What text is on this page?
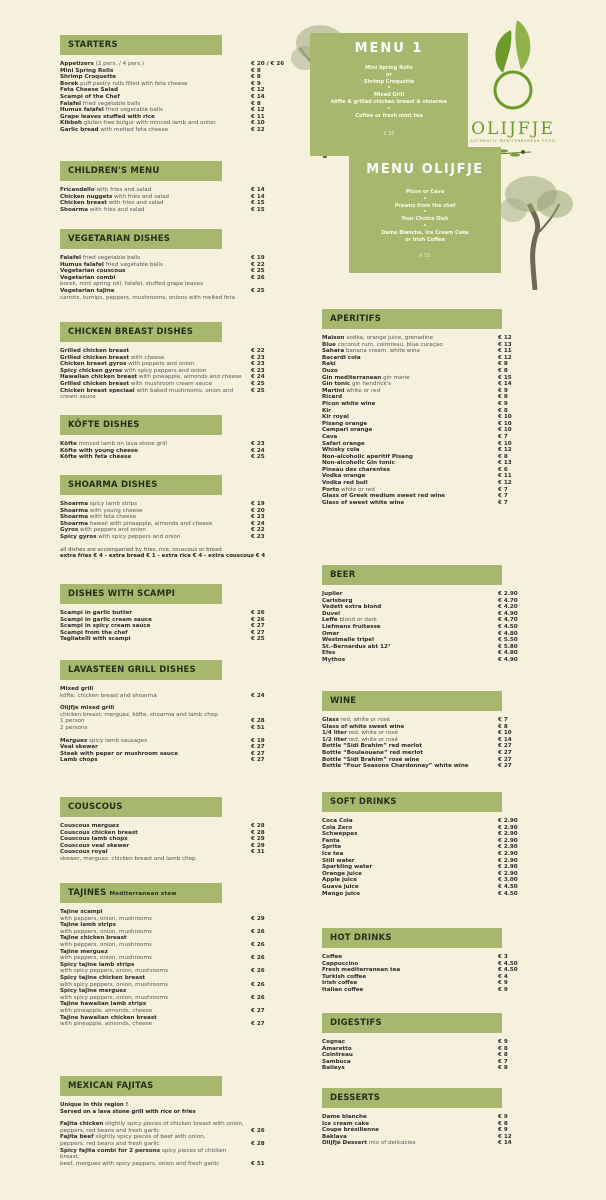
OLIJFJE
AUTHENTIC MEDITERRANEAN FOOD
MENU 1
Mini Spring Rolls
or
Shrimp Croquette
•
Mixed Grill
köfte & grilled chicken breast & shoarma
•
Coffee or fresh mint tea
€ 35
MENU OLIJFJE
Picon or Cava
•
Prawns from the chef
•
Your Choice Dish
•
Dame Blanche, Ice Cream Cake
or Irish Coffee
€ 55
STARTERS
Appetizers (2 pers. / 4 pers.)	€ 20 / € 26
Mini Spring Rolls	€ 8
Shrimp Croquette	€ 8
Borek puff pastry rolls filled with feta cheese	€ 9
Feta Cheese Salad	€ 12
Scampi of the Chef	€ 14
Falafel fried vegetable balls	€ 8
Humus falafel fried vegetable balls	€ 12
Grape leaves stuffed with rice	€ 11
Kibbeh gluten free bulgur with minced lamb and onion	€ 10
Garlic bread with melted feta cheese	€ 12
CHILDREN'S MENU
Fricandello with fries and salad	€ 14
Chicken nuggets with fries and salad	€ 14
Chicken breast with fries and salad	€ 15
Shoarma with fries and salad	€ 15
VEGETARIAN DISHES
Falafel fried vegetable balls	€ 19
Humus falafel fried vegetable balls	€ 22
Vegetarian couscous	€ 25
Vegetarian combi	€ 26
borek, mini spring roll, falafel, stuffed grape leaves
Vegetarian tajine	€ 25
carrots, turnips, peppers, mushrooms, onions with melted feta
CHICKEN BREAST DISHES
Grilled chicken breast	€ 22
Grilled chicken breast with cheese	€ 23
Chicken breast gyros with peppers and onion	€ 23
Spicy chicken gyros with spicy peppers and onion	€ 23
Hawaiian chicken breast with pineapple, almonds and cheese	€ 24
Grilled chicken breast with mushroom cream sauce	€ 25
Chicken breast speciaal with baked mushrooms, onion and cream sauce
€ 25
KÖFTE DISHES
Köfte minced lamb on lava stone grill	€ 23
Köfte with young cheese	€ 24
Köfte with feta cheese	€ 25
SHOARMA DISHES
Shoarma spicy lamb strips	€ 19
Shoarma with young cheese	€ 20
Shoarma with feta cheese	€ 23
Shoarma hawaii with pineapple, almonds and cheese	€ 24
Gyros with peppers and onion	€ 22
Spicy gyros with spicy peppers and onion	€ 23
all dishes are accompanied by fries, rice, couscous or bread
extra fries € 4 - extra bread € 1 - extra rice € 4 - extra couscous € 4
DISHES WITH SCAMPI
Scampi in garlic butter	€ 26
Scampi in garlic cream sauce	€ 26
Scampi in spicy cream sauce	€ 27
Scampi from the chef	€ 27
Tagliatelli with scampi	€ 25
LAVASTEEN GRILL DISHES
Mixed grill
köfte, chicken breast and shoarma	€ 24
Olijfje mixed grill
chicken breast, merguez, köfte, shoarma and lamb chop
1 person	€ 28
2 persons	€ 51
Merguez spicy lamb sausages	€ 19
Veal skewer	€ 27
Steak with peper or mushroom sauce	€ 27
Lamb chops	€ 27
COUSCOUS
Couscous merguez	€ 28
Couscous chicken breast	€ 28
Couscous lamb chops	€ 29
Couscous veal skewer	€ 29
Couscous royal	€ 31
skewer, merguez, chicken breast and lamb chop
TAJINES Mediterranean stew
Tajine scampi
with peppers, onion, mushrooms	€ 29
Tajine lamb strips
with peppers, onion, mushrooms	€ 26
Tajine chicken breast
with peppers, onion, mushrooms	€ 26
Tajine merguez
with peppers, onion, mushrooms	€ 26
Spicy tajine lamb strips
with spicy peppers, onion, mushrooms	€ 26
Spicy tajine chicken breast
with spicy peppers, onion, mushrooms	€ 26
Spicy tajine merguez
with spicy peppers, onion, mushrooms	€ 26
Tajine hawaiian lamb strips
with pineapple, almonds, cheese	€ 27
Tajine hawaiian chicken breast
with pineapple, almonds, cheese	€ 27
MEXICAN FAJITAS
Unique in this region !
Served on a lava stone grill with rice or fries
Fajita chicken slightly spicy pieces of chicken breast with onion,
peppers, red beans and fresh garlic	€ 26
Fajita beef slightly spicy pieces of beef with onion,
peppers, red beans and fresh garlic	€ 28
Spicy fajita combi for 2 persons spicy pieces of chicken breast,
beef, merguez with spicy peppers, onion and fresh garlic	€ 51
APERITIFS
Maison vodka, orange juice, grenadine	€ 12
Blue coconut rum, cointreau, blue curaçao	€ 13
Sahara banana cream, white wine	€ 11
Bacardi cola	€ 12
Raki	€ 8
Ouzo	€ 8
Gin mediterranean gin marie	€ 15
Gin tonic gin hendrick's	€ 14
Martini white or red	€ 9
Ricard	€ 8
Picon white wine	€ 9
Kir	€ 8
Kir royal	€ 10
Pisang orange	€ 10
Campari orange	€ 10
Cava	€ 7
Safari orange	€ 10
Whisky cola	€ 12
Non-alcoholic aperitif Pisang	€ 8
Non-alcoholic Gin tonic	€ 13
Pineau des charentes	€ 6
Vodka orange	€ 11
Vodka red bull	€ 12
Porto white or red	€ 7
Glass of Greek medium sweet red wine	€ 7
Glass of sweet white wine	€ 7
BEER
Jupiler	€ 2.90
Carlsberg	€ 4.70
Vedett extra blond	€ 4.20
Duvel	€ 4.90
Leffe blond or dark	€ 4.70
Liefmans fruitesse	€ 4.50
Omer	€ 4.80
Westmalle tripel	€ 5.50
St.-Bernardus abt 12°	€ 5.80
Efes	€ 4.80
Mythos	€ 4.90
WINE
Glass red, white or rosé	€ 7
Glass of white sweet wine	€ 8
1/4 liter red, white or rosé	€ 10
1/2 liter red, white or rosé	€ 14
Bottle “Sidi Brahim” red merlot	€ 27
Bottle “Boulaouane” red merlot	€ 27
Bottle “Sidi Brahim” rosé wine	€ 27
Bottle “Four Seasons Chardonnay” white wine	€ 27
SOFT DRINKS
Coca Cola	€ 2.90
Cola Zero	€ 2.90
Schweppes	€ 2.90
Fanta	€ 2.90
Sprite	€ 2.90
Ice tea	€ 2.90
Still water	€ 2.90
Sparkling water	€ 2.90
Orange juice	€ 2.90
Apple juice	€ 3.00
Guava juice	€ 4.50
Mango juice	€ 4.50
HOT DRINKS
Coffee	€ 3
Cappuccino	€ 4.50
Fresh mediterranean tea	€ 4.50
Turkish coffee	€ 4
Irish coffee	€ 9
Italian coffee	€ 9
DIGESTIFS
Cognac	€ 9
Amaretto	€ 8
Cointreau	€ 8
Sambuca	€ 7
Baileys	€ 8
DESSERTS
Dame blanche	€ 9
Ice cream cake	€ 8
Coupe brésilienne	€ 9
Baklava	€ 12
Olijfje Dessert mix of delicacies	€ 14
